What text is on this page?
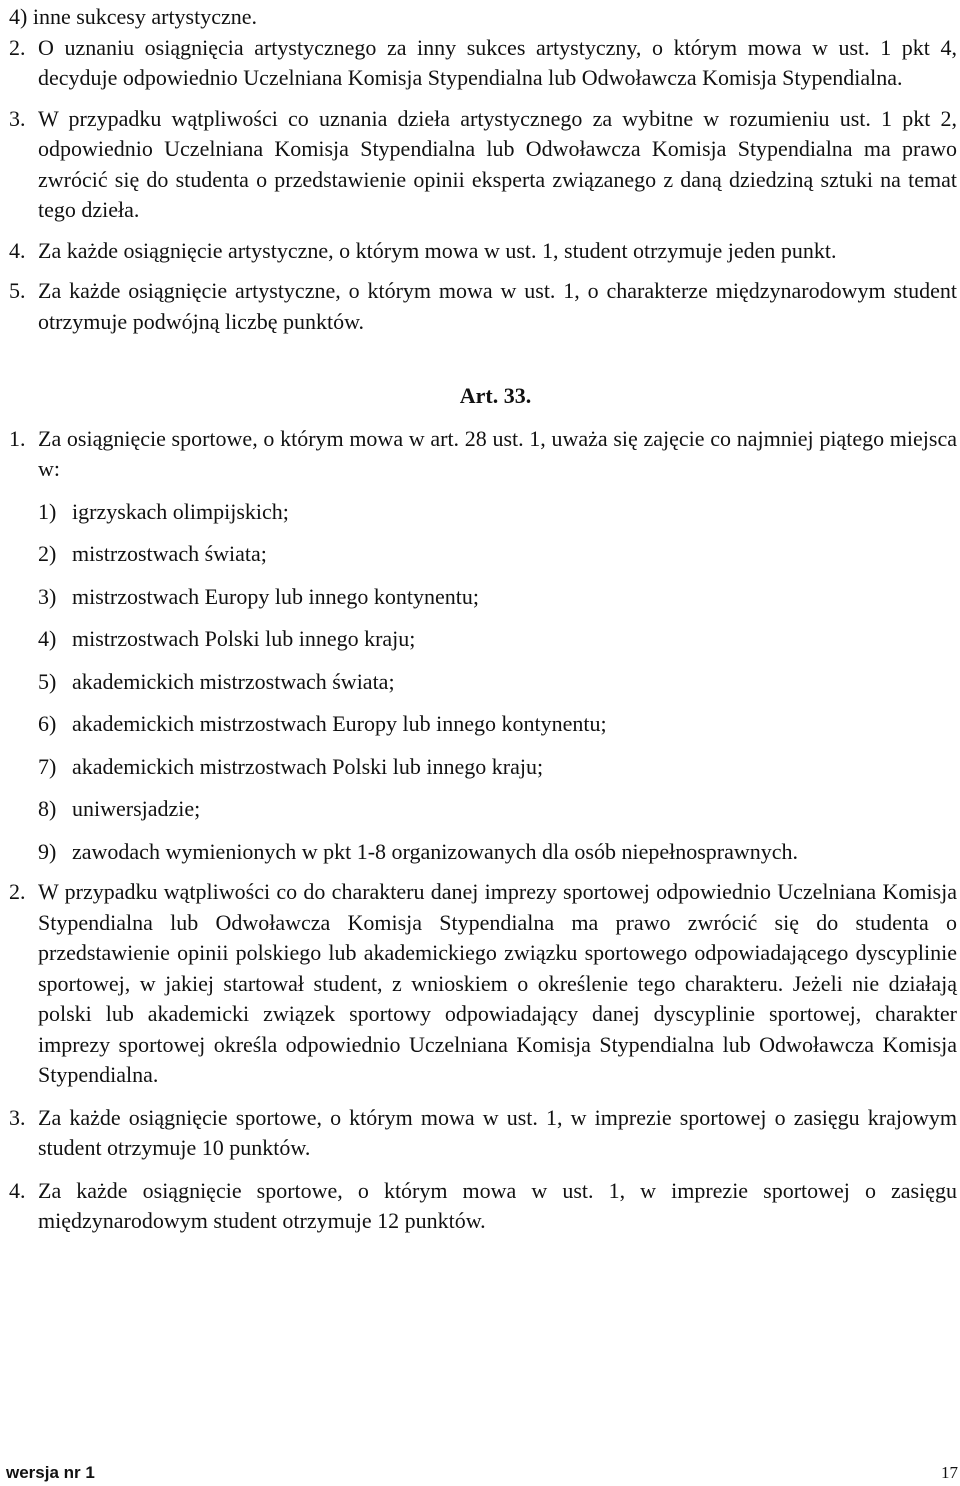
4) inne sukcesy artystyczne.
2. O uznaniu osiągnięcia artystycznego za inny sukces artystyczny, o którym mowa w ust. 1 pkt 4, decyduje odpowiednio Uczelniana Komisja Stypendialna lub Odwoławcza Komisja Stypendialna.
3. W przypadku wątpliwości co uznania dzieła artystycznego za wybitne w rozumieniu ust. 1 pkt 2, odpowiednio Uczelniana Komisja Stypendialna lub Odwoławcza Komisja Stypendialna ma prawo zwrócić się do studenta o przedstawienie opinii eksperta związanego z daną dziedziną sztuki na temat tego dzieła.
4. Za każde osiągnięcie artystyczne, o którym mowa w ust. 1, student otrzymuje jeden punkt.
5. Za każde osiągnięcie artystyczne, o którym mowa w ust. 1, o charakterze międzynarodowym student otrzymuje podwójną liczbę punktów.
Art. 33.
1. Za osiągnięcie sportowe, o którym mowa w art. 28 ust. 1, uważa się zajęcie co najmniej piątego miejsca w:
1) igrzyskach olimpijskich;
2) mistrzostwach świata;
3) mistrzostwach Europy lub innego kontynentu;
4) mistrzostwach Polski lub innego kraju;
5) akademickich mistrzostwach świata;
6) akademickich mistrzostwach Europy lub innego kontynentu;
7) akademickich mistrzostwach Polski lub innego kraju;
8) uniwersjadzie;
9) zawodach wymienionych w pkt 1-8 organizowanych dla osób niepełnosprawnych.
2. W przypadku wątpliwości co do charakteru danej imprezy sportowej odpowiednio Uczelniana Komisja Stypendialna lub Odwoławcza Komisja Stypendialna ma prawo zwrócić się do studenta o przedstawienie opinii polskiego lub akademickiego związku sportowego odpowiadającego dyscyplinie sportowej, w jakiej startował student, z wnioskiem o określenie tego charakteru. Jeżeli nie działają polski lub akademicki związek sportowy odpowiadający danej dyscyplinie sportowej, charakter imprezy sportowej określa odpowiednio Uczelniana Komisja Stypendialna lub Odwoławcza Komisja Stypendialna.
3. Za każde osiągnięcie sportowe, o którym mowa w ust. 1, w imprezie sportowej o zasięgu krajowym student otrzymuje 10 punktów.
4. Za każde osiągnięcie sportowe, o którym mowa w ust. 1, w imprezie sportowej o zasięgu międzynarodowym student otrzymuje 12 punktów.
wersja nr 1	17
